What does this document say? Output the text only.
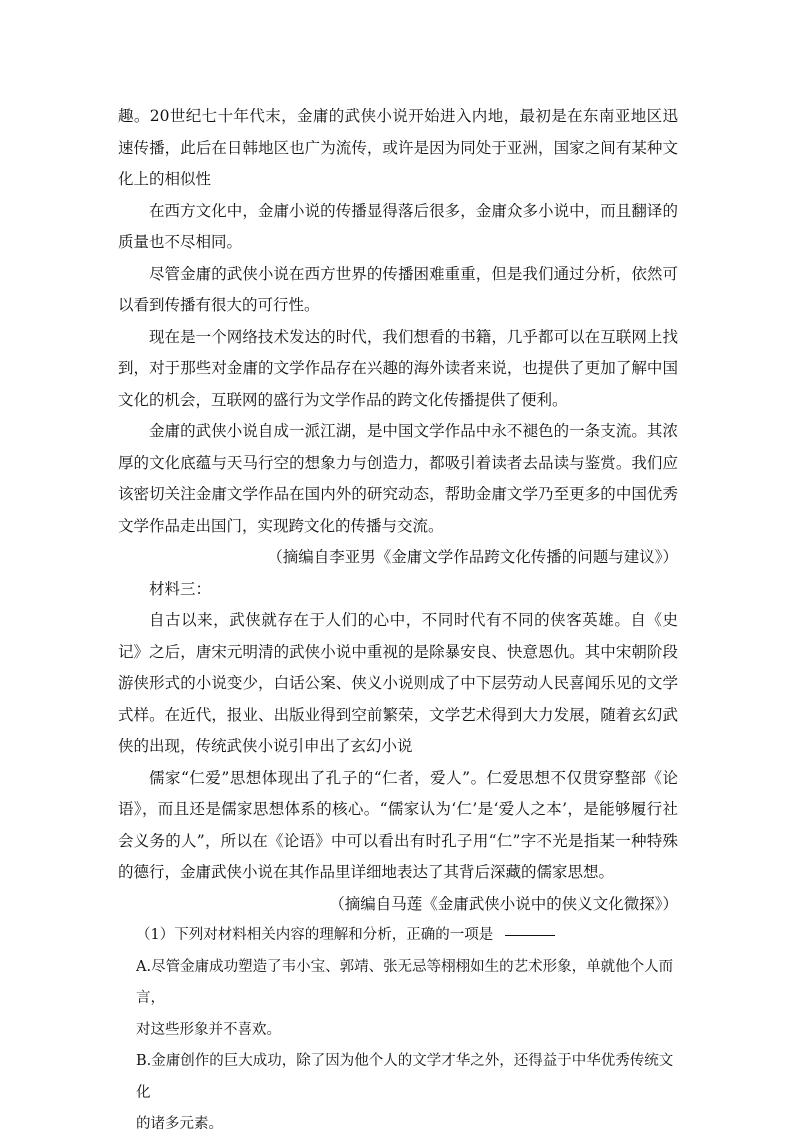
趣。20世纪七十年代末，金庸的武侠小说开始进入内地，最初是在东南亚地区迅速传播，此后在日韩地区也广为流传，或许是因为同处于亚洲，国家之间有某种文化上的相似性

在西方文化中，金庸小说的传播显得落后很多，金庸众多小说中，而且翻译的质量也不尽相同。

尽管金庸的武侠小说在西方世界的传播困难重重，但是我们通过分析，依然可以看到传播有很大的可行性。

现在是一个网络技术发达的时代，我们想看的书籍，几乎都可以在互联网上找到，对于那些对金庸的文学作品存在兴趣的海外读者来说，也提供了更加了解中国文化的机会，互联网的盛行为文学作品的跨文化传播提供了便利。

金庸的武侠小说自成一派江湖，是中国文学作品中永不褪色的一条支流。其浓厚的文化底蕴与天马行空的想象力与创造力，都吸引着读者去品读与鉴赏。我们应该密切关注金庸文学作品在国内外的研究动态，帮助金庸文学乃至更多的中国优秀文学作品走出国门，实现跨文化的传播与交流。

（摘编自李亚男《金庸文学作品跨文化传播的问题与建议》）

材料三：

自古以来，武侠就存在于人们的心中，不同时代有不同的侠客英雄。自《史记》之后，唐宋元明清的武侠小说中重视的是除暴安良、快意恩仇。其中宋朝阶段游侠形式的小说变少，白话公案、侠义小说则成了中下层劳动人民喜闻乐见的文学式样。在近代，报业、出版业得到空前繁荣，文学艺术得到大力发展，随着玄幻武侠的出现，传统武侠小说引申出了玄幻小说

儒家“仁爱”思想体现出了孔子的“仁者，爱人”。仁爱思想不仅贯穿整部《论语》，而且还是儒家思想体系的核心。“儒家认为‘仁’是‘爱人之本’，是能够履行社会义务的人”，所以在《论语》中可以看出有时孔子用“仁”字不光是指某一种特殊的德行，金庸武侠小说在其作品里详细地表达了其背后深藏的儒家思想。

（摘编自马莲《金庸武侠小说中的侠义文化微探》）

（1）下列对材料相关内容的理解和分析，正确的一项是

A.尽管金庸成功塑造了韦小宝、郭靖、张无忌等栩栩如生的艺术形象，单就他个人而言，

对这些形象并不喜欢。

B.金庸创作的巨大成功，除了因为他个人的文学才华之外，还得益于中华优秀传统文化

的诸多元素。
